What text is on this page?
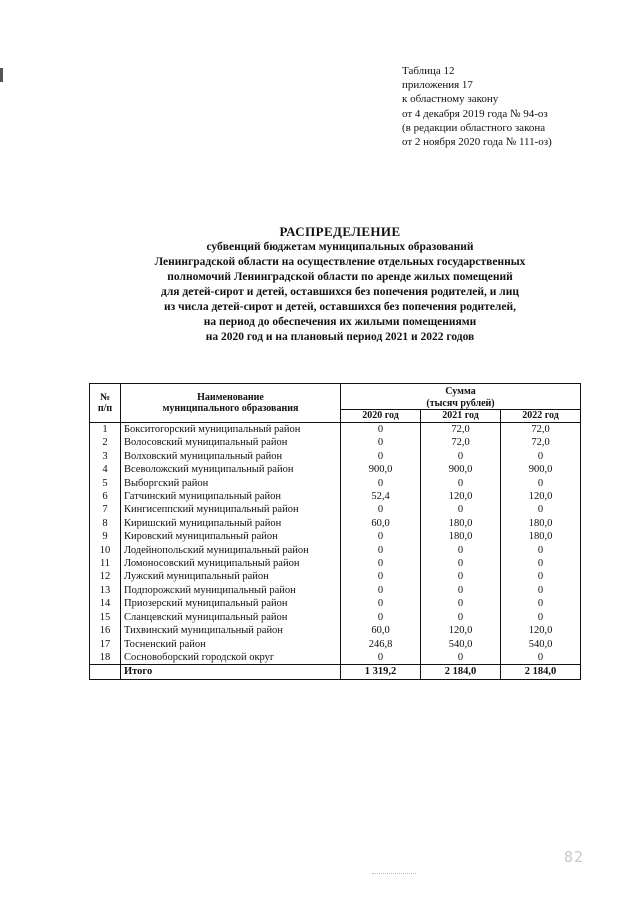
Таблица 12
приложения 17
к областному закону
от 4 декабря 2019 года № 94-оз
(в редакции областного закона
от 2 ноября 2020 года № 111-оз)
РАСПРЕДЕЛЕНИЕ
субвенций бюджетам муниципальных образований
Ленинградской области на осуществление отдельных государственных
полномочий Ленинградской области по аренде жилых помещений
для детей-сирот и детей, оставшихся без попечения родителей, и лиц
из числа детей-сирот и детей, оставшихся без попечения родителей,
на период до обеспечения их жилыми помещениями
на 2020 год и на плановый период 2021 и 2022 годов
№
п/п	Наименование
муниципального образования	Сумма
(тысяч рублей)		
		2020 год	2021 год	2022 год
1	Бокситогорский муниципальный район	0	72,0	72,0
2	Волосовский муниципальный район	0	72,0	72,0
3	Волховский муниципальный район	0	0	0
4	Всеволожский муниципальный район	900,0	900,0	900,0
5	Выборгский район	0	0	0
6	Гатчинский муниципальный район	52,4	120,0	120,0
7	Кингисеппский муниципальный район	0	0	0
8	Киришский муниципальный район	60,0	180,0	180,0
9	Кировский муниципальный район	0	180,0	180,0
10	Лодейнопольский муниципальный район	0	0	0
11	Ломоносовский муниципальный район	0	0	0
12	Лужский муниципальный район	0	0	0
13	Подпорожский муниципальный район	0	0	0
14	Приозерский муниципальный район	0	0	0
15	Сланцевский муниципальный район	0	0	0
16	Тихвинский муниципальный район	60,0	120,0	120,0
17	Тосненский район	246,8	540,0	540,0
18	Сосновоборский городской округ	0	0	0
	Итого	1 319,2	2 184,0	2 184,0
82
